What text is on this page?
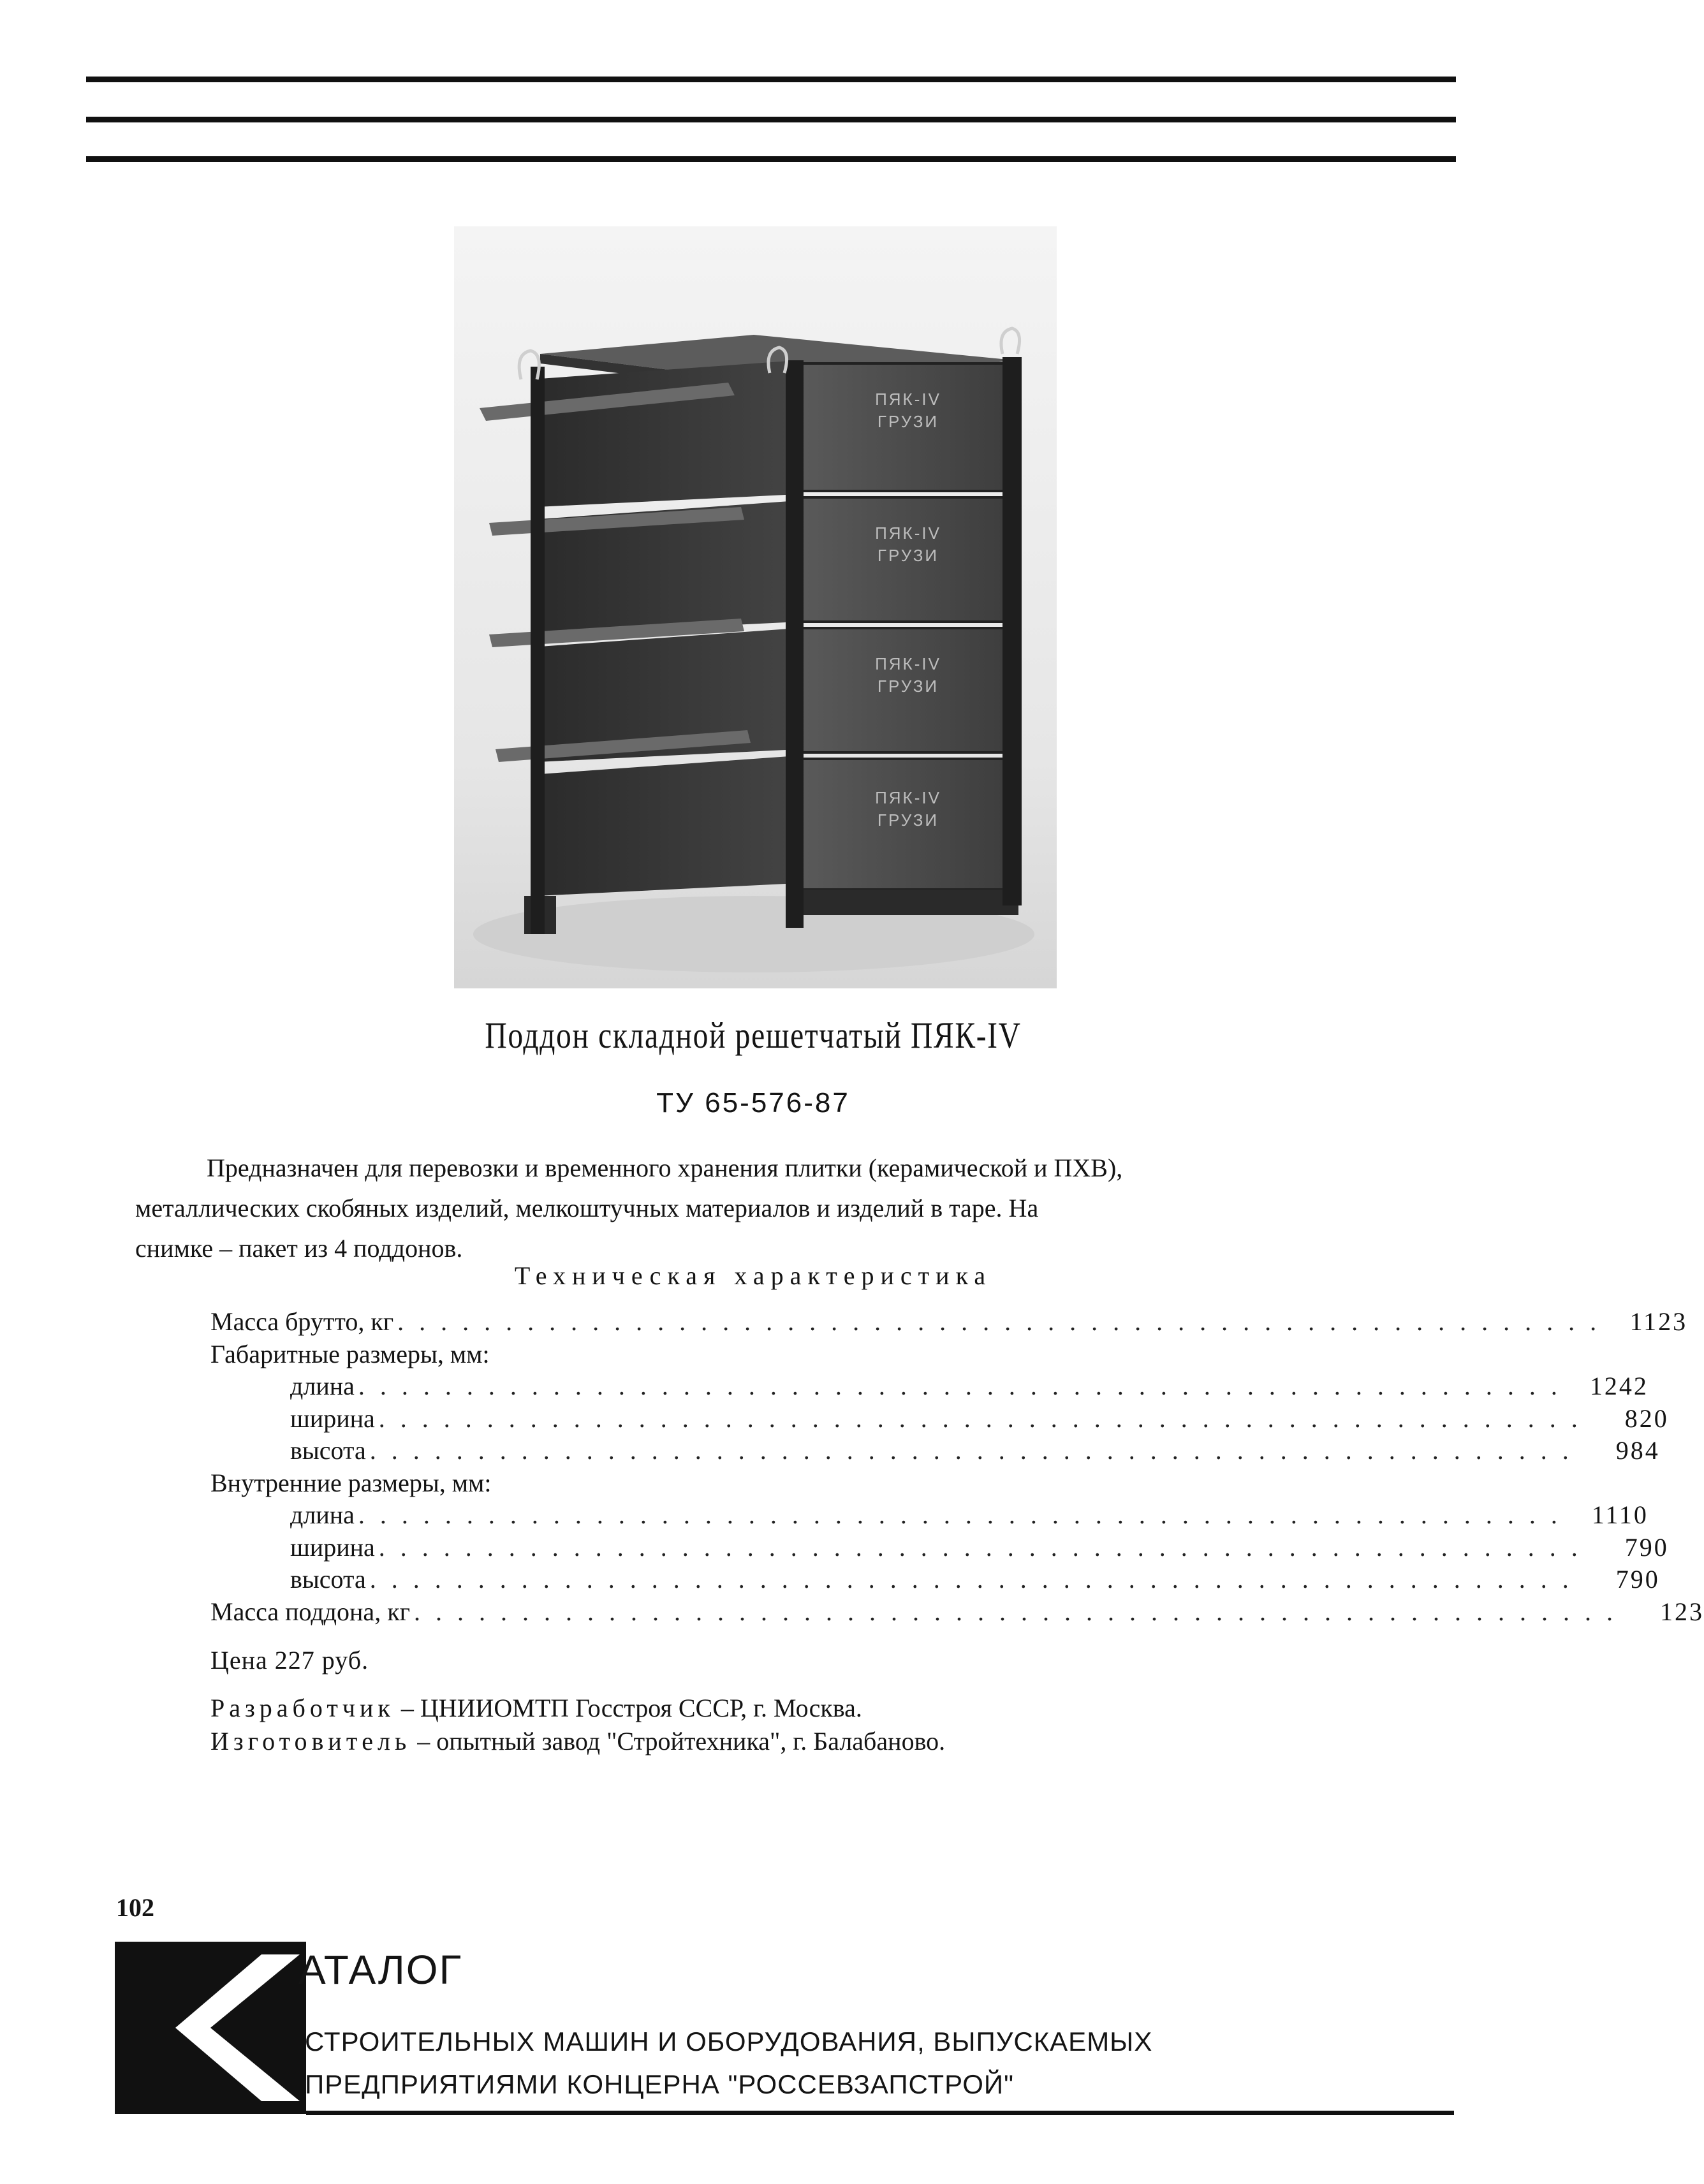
ПЯК-IV
ГРУЗИ
ПЯК-IV
ГРУЗИ
ПЯК-IV
ГРУЗИ
ПЯК-IV
ГРУЗИ
Поддон складной решетчатый ПЯК-IV
ТУ 65-576-87
Предназначен для перевозки и временного хранения плитки (керамической и ПХВ),
металлических скобяных изделий, мелкоштучных материалов и изделий в таре. На
снимке – пакет из 4 поддонов.
Техническая характеристика
Масса брутто, кг . . . . . . . . . . . . . . . . . . . . . . . . . . . . . . . . . . . . . . . . . . . . . . . . . . . . . . . .	1123
Габаритные размеры, мм:
длина . . . . . . . . . . . . . . . . . . . . . . . . . . . . . . . . . . . . . . . . . . . . . . . . . . . . . . . .	1242
ширина . . . . . . . . . . . . . . . . . . . . . . . . . . . . . . . . . . . . . . . . . . . . . . . . . . . . . . . .	820
высота . . . . . . . . . . . . . . . . . . . . . . . . . . . . . . . . . . . . . . . . . . . . . . . . . . . . . . . .	984
Внутренние размеры, мм:
длина . . . . . . . . . . . . . . . . . . . . . . . . . . . . . . . . . . . . . . . . . . . . . . . . . . . . . . . .	1110
ширина . . . . . . . . . . . . . . . . . . . . . . . . . . . . . . . . . . . . . . . . . . . . . . . . . . . . . . . .	790
высота . . . . . . . . . . . . . . . . . . . . . . . . . . . . . . . . . . . . . . . . . . . . . . . . . . . . . . . .	790
Масса поддона, кг . . . . . . . . . . . . . . . . . . . . . . . . . . . . . . . . . . . . . . . . . . . . . . . . . . . . . . . .	123
Цена 227 руб.
Разработчик – ЦНИИОМТП Госстроя СССР, г. Москва.
Изготовитель – опытный завод "Стройтехника", г. Балабаново.
102
АТАЛОГ
СТРОИТЕЛЬНЫХ МАШИН И ОБОРУДОВАНИЯ, ВЫПУСКАЕМЫХ
ПРЕДПРИЯТИЯМИ КОНЦЕРНА "РОССЕВЗАПСТРОЙ"
